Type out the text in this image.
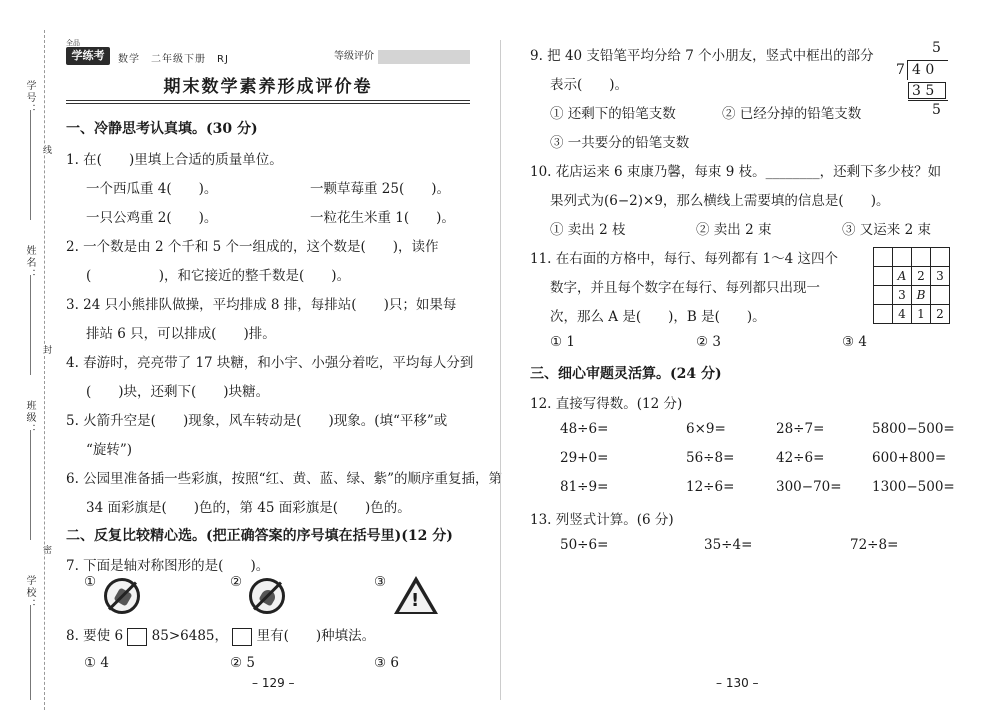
学号：
姓名：
班级：
学校：
线
封
密
全品
学练考	数学　二年级下册　RJ	等级评价
期末数学素养形成评价卷
一、冷静思考认真填。(30 分)
1. 在(　　)里填上合适的质量单位。
一个西瓜重 4(　　)。	一颗草莓重 25(　　)。
一只公鸡重 2(　　)。	一粒花生米重 1(　　)。
2. 一个数是由 2 个千和 5 个一组成的，这个数是(　　)，读作
(　　　　　)，和它接近的整千数是(　　)。
3. 24 只小熊排队做操，平均排成 8 排，每排站(　　)只；如果每
排站 6 只，可以排成(　　)排。
4. 春游时，亮亮带了 17 块糖，和小宇、小强分着吃，平均每人分到
(　　)块，还剩下(　　)块糖。
5. 火箭升空是(　　)现象，风车转动是(　　)现象。(填“平移”或
“旋转”)
6. 公园里准备插一些彩旗，按照“红、黄、蓝、绿、紫”的顺序重复插，第
34 面彩旗是(　　)色的，第 45 面彩旗是(　　)色的。
二、反复比较精心选。(把正确答案的序号填在括号里)(12 分)
7. 下面是轴对称图形的是(　　)。
①	②	③
!
8. 要使 6 85>6485， 里有(　　)种填法。
① 4	② 5	③ 6
– 129 –
9. 把 40 支铅笔平均分给 7 个小朋友，竖式中框出的部分
表示(　　)。
① 还剩下的铅笔支数	② 已经分掉的铅笔支数
③ 一共要分的铅笔支数
5
7 4 0
3 5
5
10. 花店运来 6 束康乃馨，每束 9 枝。________，还剩下多少枝？如
果列式为(6−2)×9，那么横线上需要填的信息是(　　)。
① 卖出 2 枝	② 卖出 2 束	③ 又运来 2 束
11. 在右面的方格中，每行、每列都有 1～4 这四个
数字，并且每个数字在每行、每列都只出现一
次，那么 A 是(　　)，B 是(　　)。

	A	2	3
	3	B	
	4	1	2
① 1	② 3	③ 4
三、细心审题灵活算。(24 分)
12. 直接写得数。(12 分)
48÷6=	6×9=	28÷7=	5800−500=
29+0=	56÷8=	42÷6=	600+800=
81÷9=	12÷6=	300−70= 1300−500=
13. 列竖式计算。(6 分)
50÷6=	35÷4=	72÷8=
– 130 –
